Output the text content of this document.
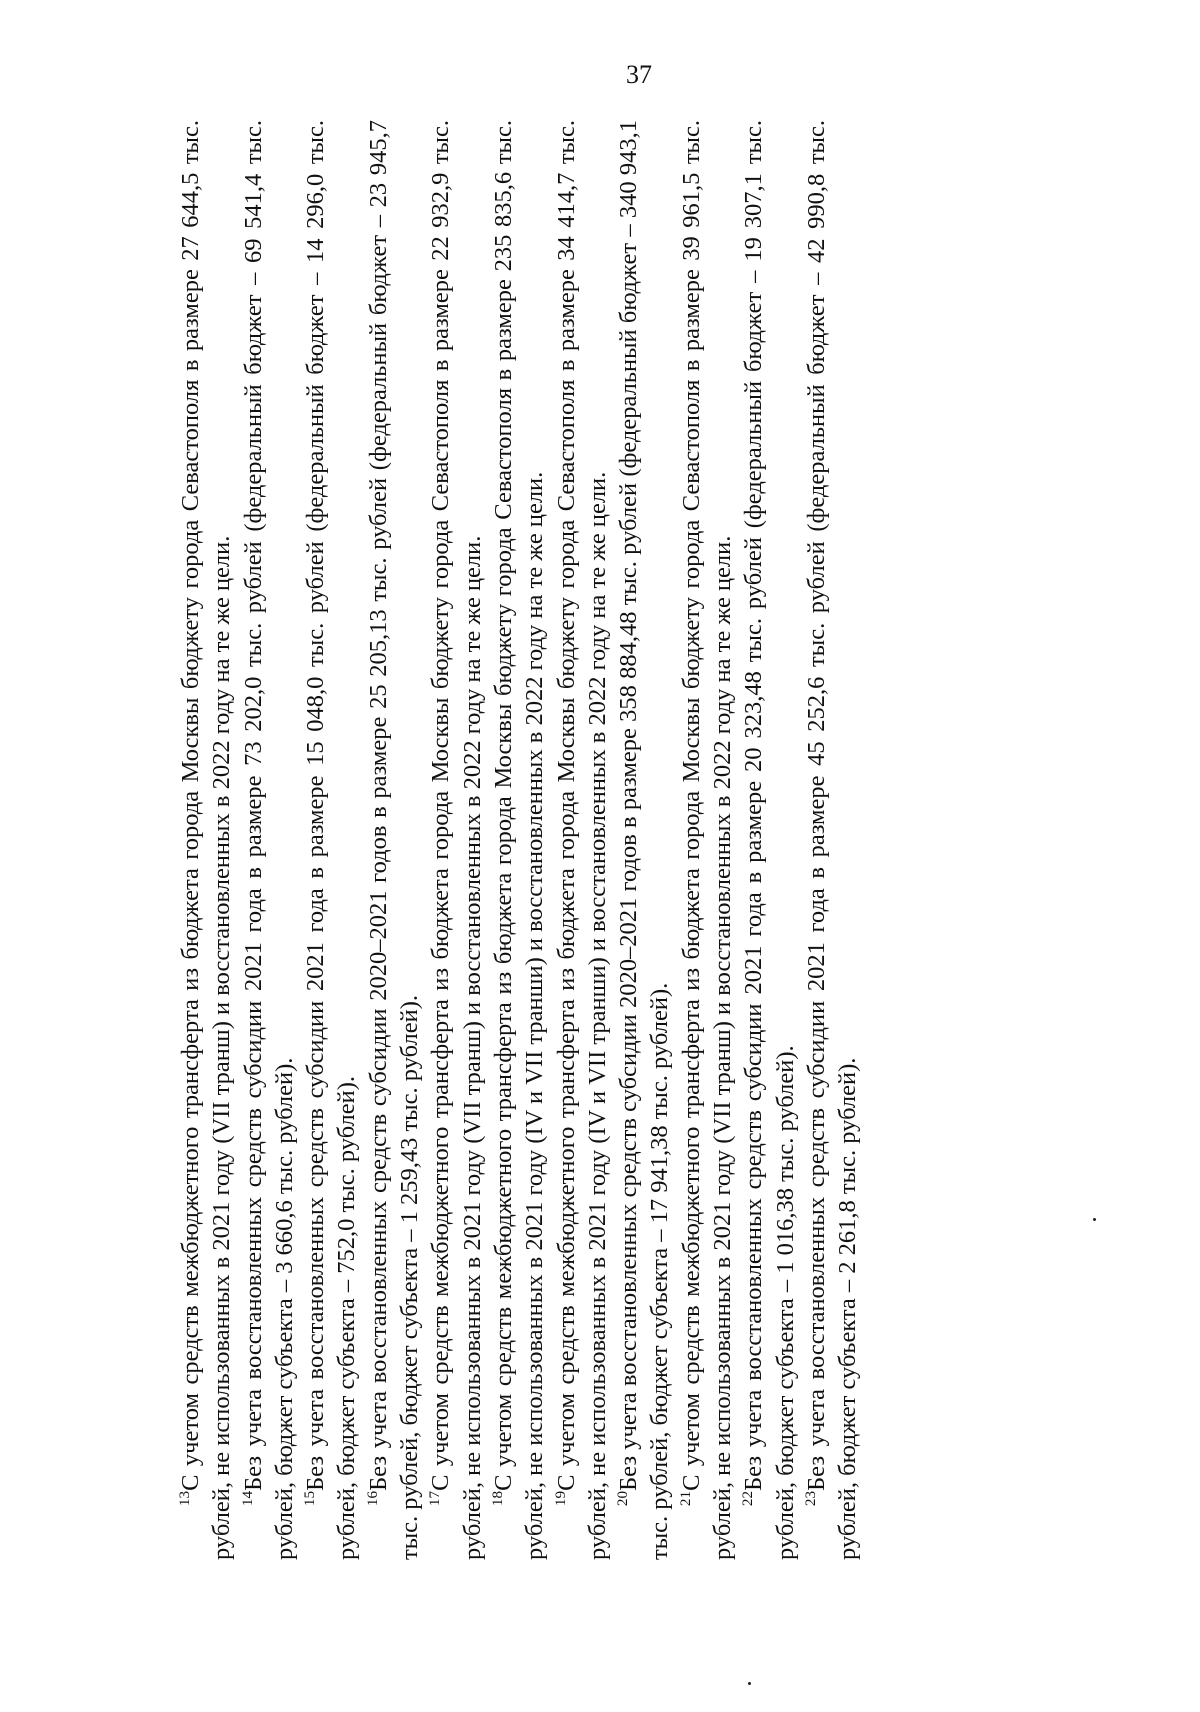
37

$^{13}$С учетом средств межбюджетного трансферта из бюджета города Москвы бюджету города Севастополя в размере 27 644,5 тыс. рублей, не использованных в 2021 году (VII транш) и восстановленных в 2022 году на те же цели. $^{14}$Без учета восстановленных средств субсидии 2021 года в размере 73 202,0 тыс. рублей (федеральный бюджет – 69 541,4 тыс. рублей, бюджет субъекта – 3 660,6 тыс. рублей). $^{15}$Без учета восстановленных средств субсидии 2021 года в размере 15 048,0 тыс. рублей (федеральный бюджет – 14 296,0 тыс. рублей, бюджет субъекта – 752,0 тыс. рублей). $^{16}$Без учета восстановленных средств субсидии 2020–2021 годов в размере 25 205,13 тыс. рублей (федеральный бюджет – 23 945,7 тыс. рублей, бюджет субъекта – 1 259,43 тыс. рублей). $^{17}$С учетом средств межбюджетного трансферта из бюджета города Москвы бюджету города Севастополя в размере 22 932,9 тыс. рублей, не использованных в 2021 году (VII транш) и восстановленных в 2022 году на те же цели. $^{18}$С учетом средств межбюджетного трансферта из бюджета города Москвы бюджету города Севастополя в размере 235 835,6 тыс. рублей, не использованных в 2021 году (IV и VII транши) и восстановленных в 2022 году на те же цели. $^{19}$С учетом средств межбюджетного трансферта из бюджета города Москвы бюджету города Севастополя в размере 34 414,7 тыс. рублей, не использованных в 2021 году (IV и VII транши) и восстановленных в 2022 году на те же цели. $^{20}$Без учета восстановленных средств субсидии 2020–2021 годов в размере 358 884,48 тыс. рублей (федеральный бюджет – 340 943,1 тыс. рублей, бюджет субъекта – 17 941,38 тыс. рублей). $^{21}$С учетом средств межбюджетного трансферта из бюджета города Москвы бюджету города Севастополя в размере 39 961,5 тыс. рублей, не использованных в 2021 году (VII транш) и восстановленных в 2022 году на те же цели. $^{22}$Без учета восстановленных средств субсидии 2021 года в размере 20 323,48 тыс. рублей (федеральный бюджет – 19 307,1 тыс. рублей, бюджет субъекта – 1 016,38 тыс. рублей). $^{23}$Без учета восстановленных средств субсидии 2021 года в размере 45 252,6 тыс. рублей (федеральный бюджет – 42 990,8 тыс. рублей, бюджет субъекта – 2 261,8 тыс. рублей).
